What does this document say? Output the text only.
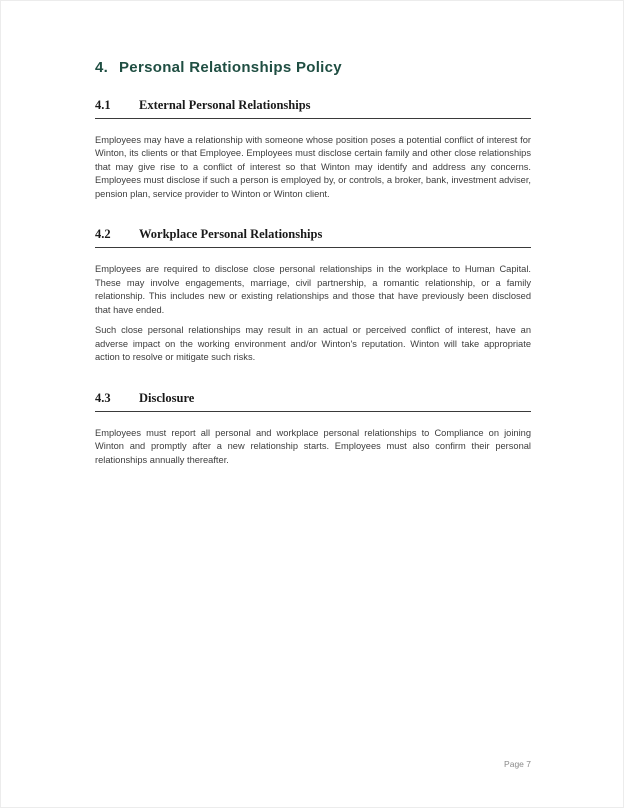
4. Personal Relationships Policy
4.1	External Personal Relationships

Employees may have a relationship with someone whose position poses a potential conflict of interest for Winton, its clients or that Employee. Employees must disclose certain family and other close relationships that may give rise to a conflict of interest so that Winton may identify and address any concerns. Employees must disclose if such a person is employed by, or controls, a broker, bank, investment adviser, pension plan, service provider to Winton or Winton client.

4.2	Workplace Personal Relationships

Employees are required to disclose close personal relationships in the workplace to Human Capital. These may involve engagements, marriage, civil partnership, a romantic relationship, or a family relationship. This includes new or existing relationships and those that have previously been disclosed that have ended.

Such close personal relationships may result in an actual or perceived conflict of interest, have an adverse impact on the working environment and/or Winton's reputation. Winton will take appropriate action to resolve or mitigate such risks.

4.3	Disclosure

Employees must report all personal and workplace personal relationships to Compliance on joining Winton and promptly after a new relationship starts. Employees must also confirm their personal relationships annually thereafter.

Page 7
